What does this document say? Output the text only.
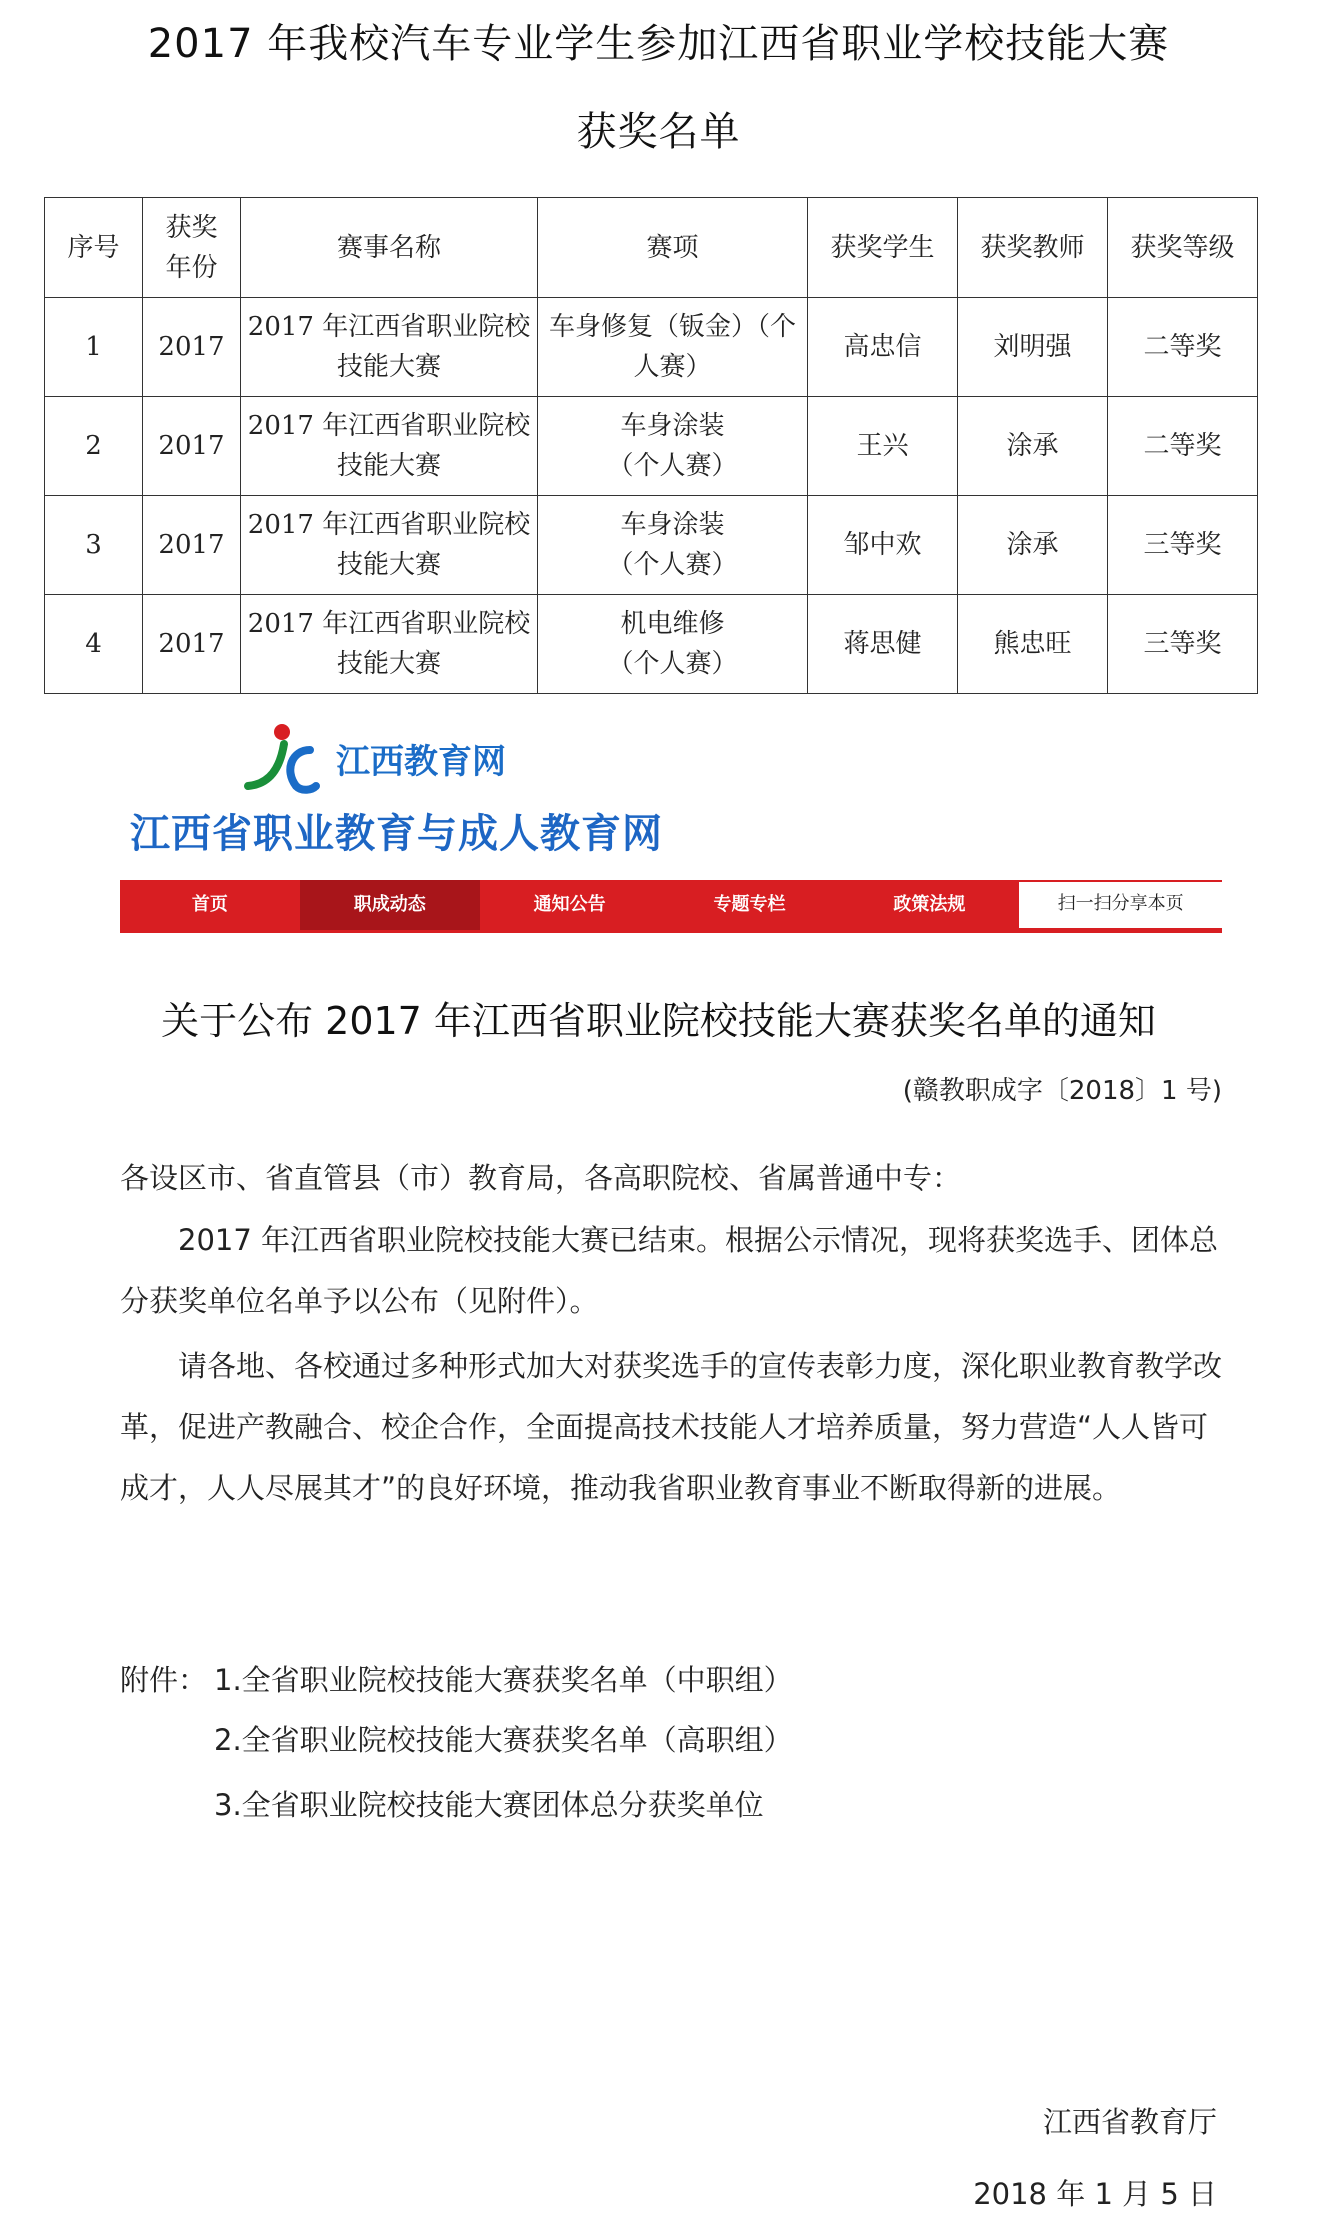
2017 年我校汽车专业学生参加江西省职业学校技能大赛
获奖名单
序号	获奖年份	赛事名称	赛项	获奖学生	获奖教师	获奖等级
1	2017	2017 年江西省职业院校技能大赛	车身修复（钣金）（个人赛）	高忠信	刘明强	二等奖
2	2017	2017 年江西省职业院校技能大赛	车身涂装（个人赛）	王兴	涂承	二等奖
3	2017	2017 年江西省职业院校技能大赛	车身涂装（个人赛）	邹中欢	涂承	三等奖
4	2017	2017 年江西省职业院校技能大赛	机电维修（个人赛）	蒋思健	熊忠旺	三等奖
江西教育网
江西省职业教育与成人教育网
首页	职成动态	通知公告	专题专栏	政策法规	扫一扫分享本页
关于公布 2017 年江西省职业院校技能大赛获奖名单的通知
(赣教职成字〔2018〕1 号)
各设区市、省直管县（市）教育局，各高职院校、省属普通中专：
2017 年江西省职业院校技能大赛已结束。根据公示情况，现将获奖选手、团体总分获奖单位名单予以公布（见附件）。
请各地、各校通过多种形式加大对获奖选手的宣传表彰力度，深化职业教育教学改革，促进产教融合、校企合作，全面提高技术技能人才培养质量，努力营造“人人皆可成才，人人尽展其才”的良好环境，推动我省职业教育事业不断取得新的进展。
附件： 1.全省职业院校技能大赛获奖名单（中职组）
2.全省职业院校技能大赛获奖名单（高职组）
3.全省职业院校技能大赛团体总分获奖单位
江西省教育厅
2018 年 1 月 5 日
